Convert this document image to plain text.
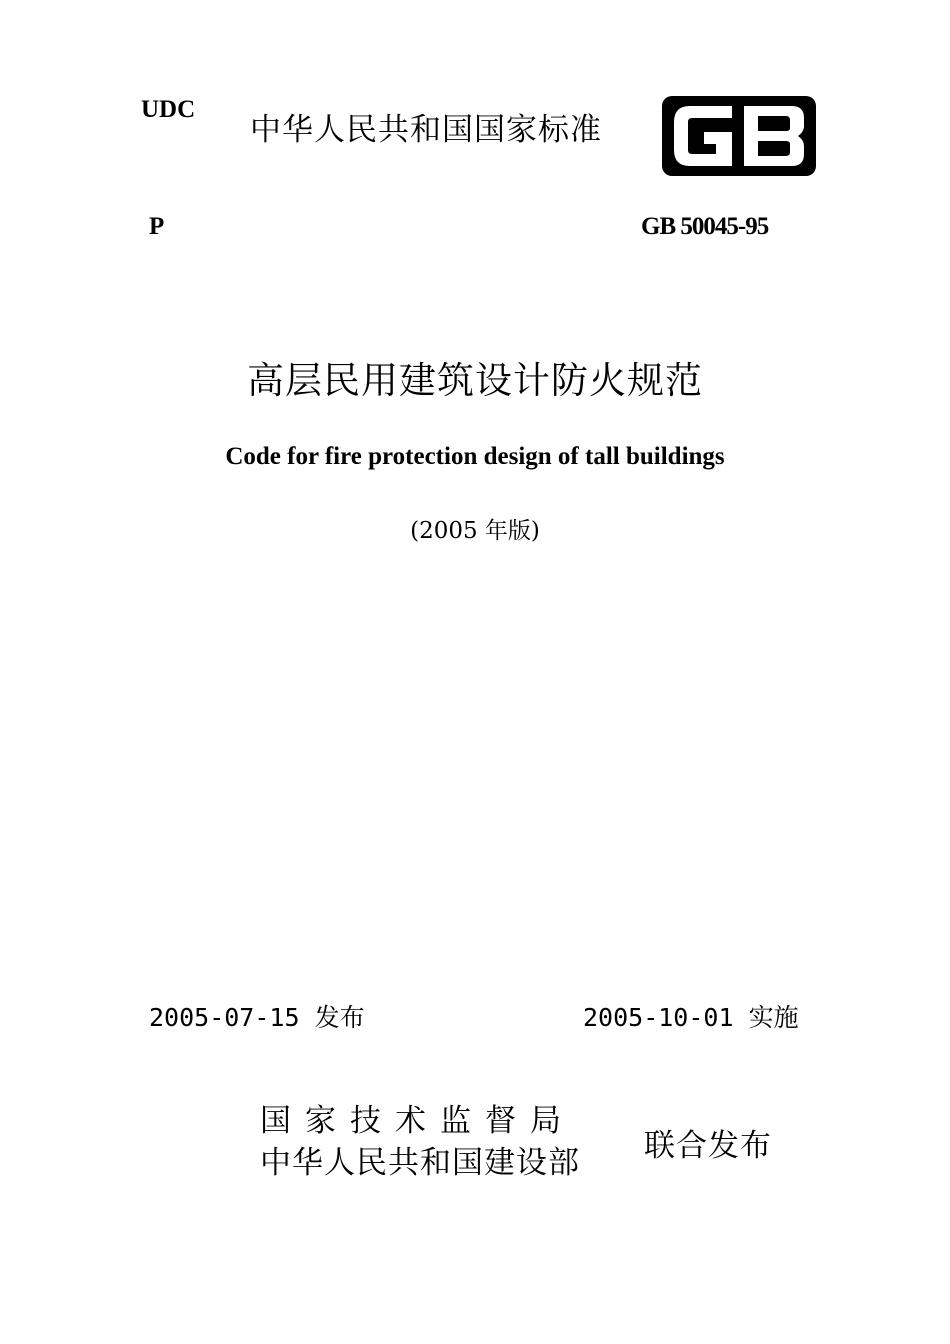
UDC
中华人民共和国国家标准
P	GB 50045-95
高层民用建筑设计防火规范
Code for fire protection design of tall buildings
(2005 年版)
2005-07-15 发布	2005-10-01 实施
国家技术监督局
中华人民共和国建设部 联合发布
